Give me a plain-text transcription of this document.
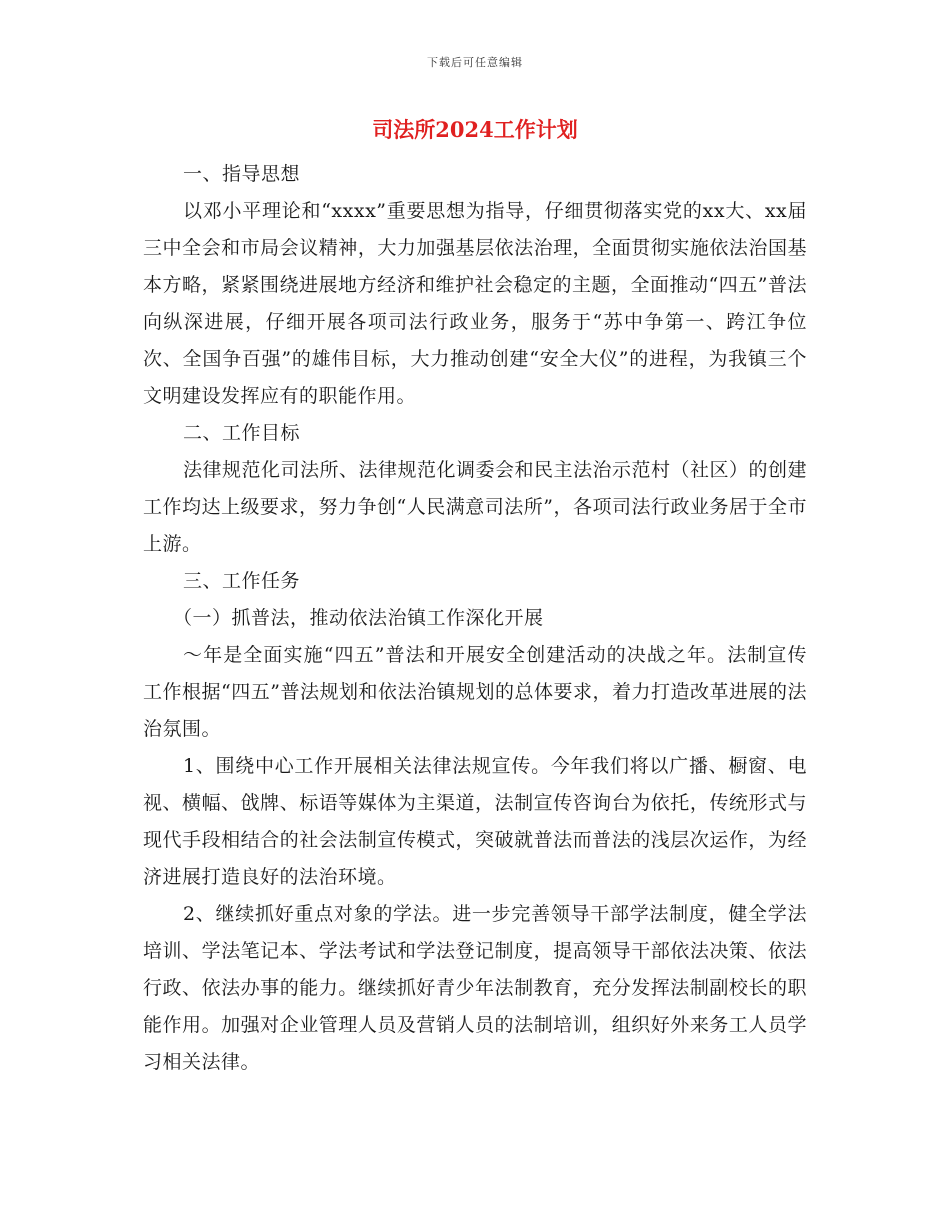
下载后可任意编辑
司法所2024工作计划

一、指导思想

以邓小平理论和“xxxx”重要思想为指导，仔细贯彻落实党的xx大、xx届三中全会和市局会议精神，大力加强基层依法治理，全面贯彻实施依法治国基本方略，紧紧围绕进展地方经济和维护社会稳定的主题，全面推动“四五”普法向纵深进展，仔细开展各项司法行政业务，服务于“苏中争第一、跨江争位次、全国争百强”的雄伟目标，大力推动创建“安全大仪”的进程，为我镇三个文明建设发挥应有的职能作用。

二、工作目标

法律规范化司法所、法律规范化调委会和民主法治示范村（社区）的创建工作均达上级要求，努力争创“人民满意司法所”，各项司法行政业务居于全市上游。

三、工作任务

（一）抓普法，推动依法治镇工作深化开展

～年是全面实施“四五”普法和开展安全创建活动的决战之年。法制宣传工作根据“四五”普法规划和依法治镇规划的总体要求，着力打造改革进展的法治氛围。

1、围绕中心工作开展相关法律法规宣传。今年我们将以广播、橱窗、电视、横幅、戗牌、标语等媒体为主渠道，法制宣传咨询台为依托，传统形式与现代手段相结合的社会法制宣传模式，突破就普法而普法的浅层次运作，为经济进展打造良好的法治环境。

2、继续抓好重点对象的学法。进一步完善领导干部学法制度，健全学法培训、学法笔记本、学法考试和学法登记制度，提高领导干部依法决策、依法行政、依法办事的能力。继续抓好青少年法制教育，充分发挥法制副校长的职能作用。加强对企业管理人员及营销人员的法制培训，组织好外来务工人员学习相关法律。
